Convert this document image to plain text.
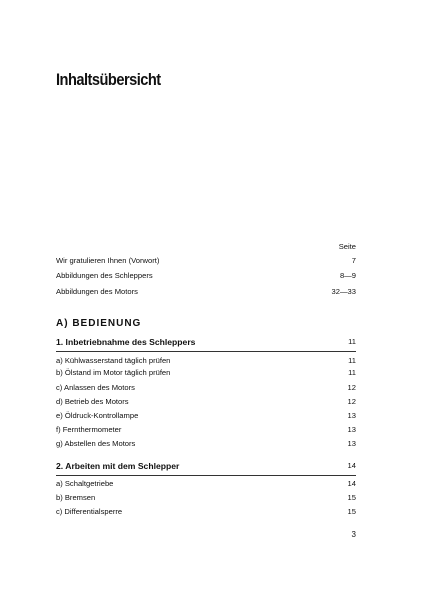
Inhaltsübersicht
Seite
Wir gratulieren Ihnen (Vorwort)	7
Abbildungen des Schleppers	8—9
Abbildungen des Motors	32—33
A) BEDIENUNG
1. Inbetriebnahme des Schleppers	11
a) Kühlwasserstand täglich prüfen	11
b) Ölstand im Motor täglich prüfen	11
c) Anlassen des Motors	12
d) Betrieb des Motors	12
e) Öldruck-Kontrollampe	13
f) Fernthermometer	13
g) Abstellen des Motors	13
2. Arbeiten mit dem Schlepper	14
a) Schaltgetriebe	14
b) Bremsen	15
c) Differentialsperre	15
3
